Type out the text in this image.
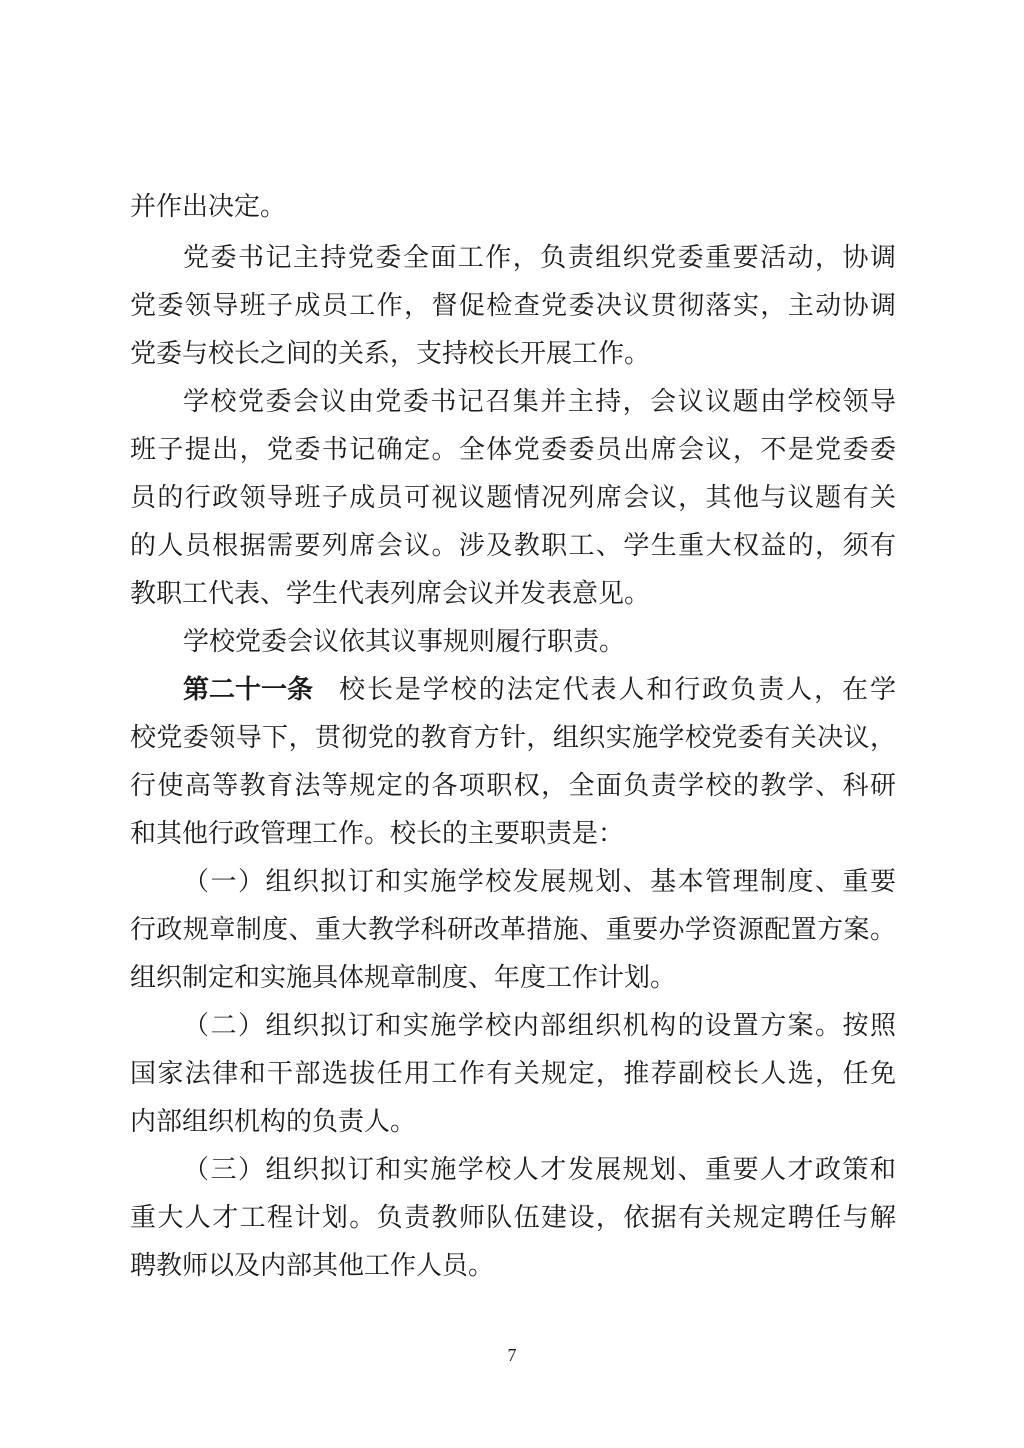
并作出决定。
党委书记主持党委全面工作，负责组织党委重要活动，协调
党委领导班子成员工作，督促检查党委决议贯彻落实，主动协调
党委与校长之间的关系，支持校长开展工作。
学校党委会议由党委书记召集并主持，会议议题由学校领导
班子提出，党委书记确定。全体党委委员出席会议，不是党委委
员的行政领导班子成员可视议题情况列席会议，其他与议题有关
的人员根据需要列席会议。涉及教职工、学生重大权益的，须有
教职工代表、学生代表列席会议并发表意见。
学校党委会议依其议事规则履行职责。
第二十一条 校长是学校的法定代表人和行政负责人，在学
校党委领导下，贯彻党的教育方针，组织实施学校党委有关决议，
行使高等教育法等规定的各项职权，全面负责学校的教学、科研
和其他行政管理工作。校长的主要职责是：
（一）组织拟订和实施学校发展规划、基本管理制度、重要
行政规章制度、重大教学科研改革措施、重要办学资源配置方案。
组织制定和实施具体规章制度、年度工作计划。
（二）组织拟订和实施学校内部组织机构的设置方案。按照
国家法律和干部选拔任用工作有关规定，推荐副校长人选，任免
内部组织机构的负责人。
（三）组织拟订和实施学校人才发展规划、重要人才政策和
重大人才工程计划。负责教师队伍建设，依据有关规定聘任与解
聘教师以及内部其他工作人员。
7
